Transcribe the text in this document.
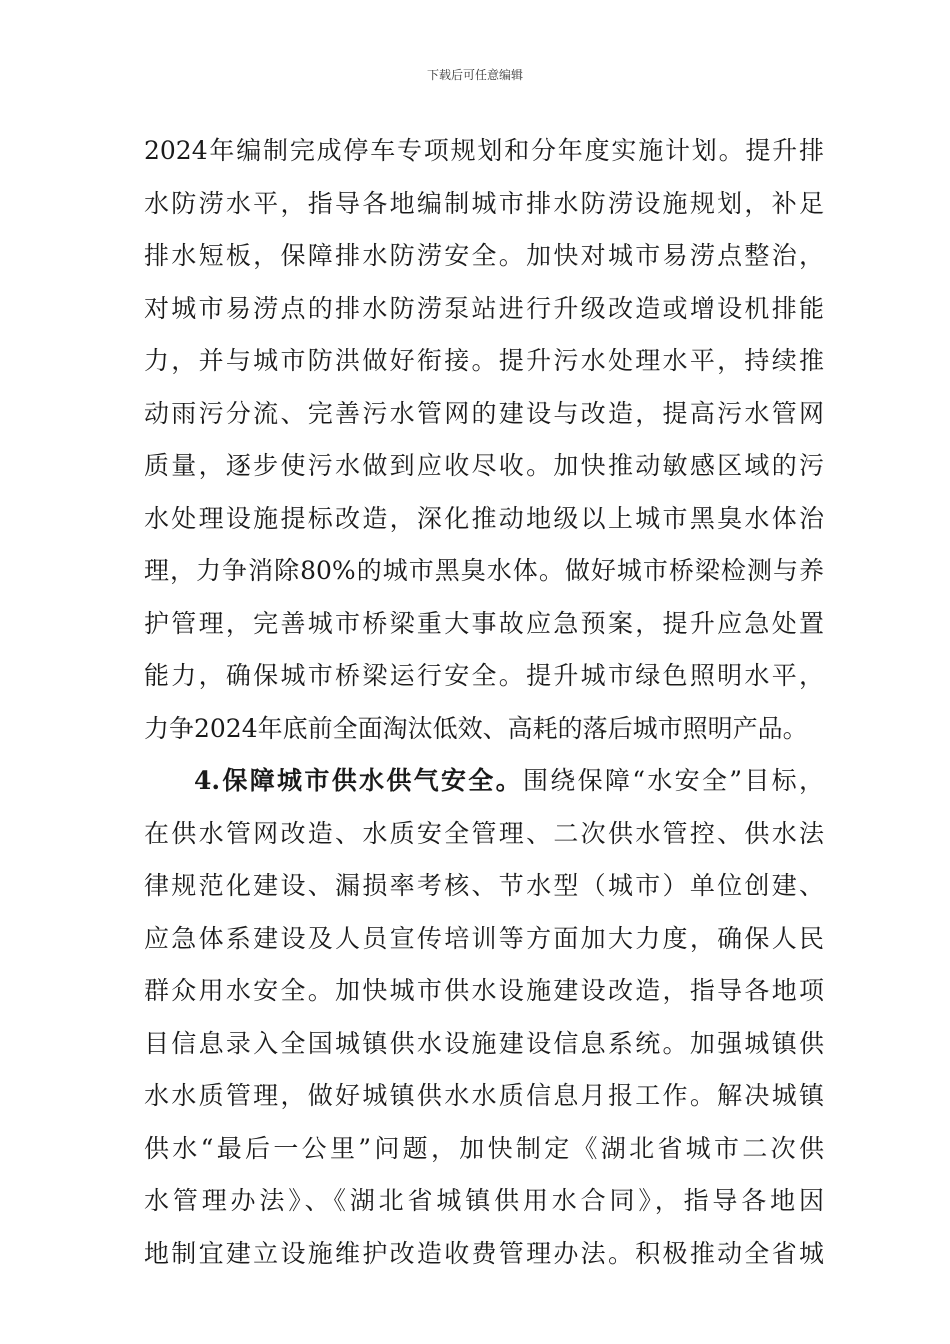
下载后可任意编辑
2024年编制完成停车专项规划和分年度实施计划。提升排
水防涝水平，指导各地编制城市排水防涝设施规划，补足
排水短板，保障排水防涝安全。加快对城市易涝点整治，
对城市易涝点的排水防涝泵站进行升级改造或增设机排能
力，并与城市防洪做好衔接。提升污水处理水平，持续推
动雨污分流、完善污水管网的建设与改造，提高污水管网
质量，逐步使污水做到应收尽收。加快推动敏感区域的污
水处理设施提标改造，深化推动地级以上城市黑臭水体治
理，力争消除80%的城市黑臭水体。做好城市桥梁检测与养
护管理，完善城市桥梁重大事故应急预案，提升应急处置
能力，确保城市桥梁运行安全。提升城市绿色照明水平，
力争2024年底前全面淘汰低效、高耗的落后城市照明产品。
4.保障城市供水供气安全。围绕保障“水安全”目标，
在供水管网改造、水质安全管理、二次供水管控、供水法
律规范化建设、漏损率考核、节水型（城市）单位创建、
应急体系建设及人员宣传培训等方面加大力度，确保人民
群众用水安全。加快城市供水设施建设改造，指导各地项
目信息录入全国城镇供水设施建设信息系统。加强城镇供
水水质管理，做好城镇供水水质信息月报工作。解决城镇
供水“最后一公里”问题，加快制定《湖北省城市二次供
水管理办法》、《湖北省城镇供用水合同》，指导各地因
地制宜建立设施维护改造收费管理办法。积极推动全省城
